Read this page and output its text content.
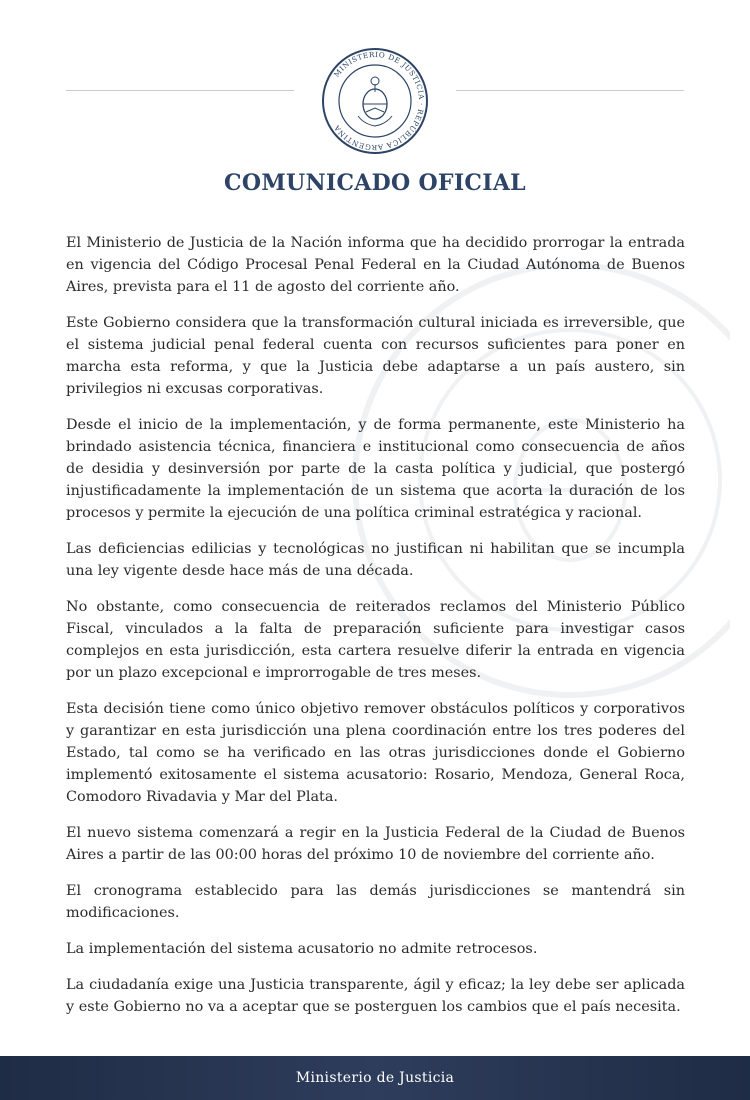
MINISTERIO DE JUSTICIA · REPÚBLICA ARGENTINA
COMUNICADO OFICIAL

El Ministerio de Justicia de la Nación informa que ha decidido prorrogar la entrada en vigencia del Código Procesal Penal Federal en la Ciudad Autónoma de Buenos Aires, prevista para el 11 de agosto del corriente año.

Este Gobierno considera que la transformación cultural iniciada es irreversible, que el sistema judicial penal federal cuenta con recursos suficientes para poner en marcha esta reforma, y que la Justicia debe adaptarse a un país austero, sin privilegios ni excusas corporativas.

Desde el inicio de la implementación, y de forma permanente, este Ministerio ha brindado asistencia técnica, financiera e institucional como consecuencia de años de desidia y desinversión por parte de la casta política y judicial, que postergó injustificadamente la implementación de un sistema que acorta la duración de los procesos y permite la ejecución de una política criminal estratégica y racional.

Las deficiencias edilicias y tecnológicas no justifican ni habilitan que se incumpla una ley vigente desde hace más de una década.

No obstante, como consecuencia de reiterados reclamos del Ministerio Público Fiscal, vinculados a la falta de preparación suficiente para investigar casos complejos en esta jurisdicción, esta cartera resuelve diferir la entrada en vigencia por un plazo excepcional e improrrogable de tres meses.

Esta decisión tiene como único objetivo remover obstáculos políticos y corporativos y garantizar en esta jurisdicción una plena coordinación entre los tres poderes del Estado, tal como se ha verificado en las otras jurisdicciones donde el Gobierno implementó exitosamente el sistema acusatorio: Rosario, Mendoza, General Roca, Comodoro Rivadavia y Mar del Plata.

El nuevo sistema comenzará a regir en la Justicia Federal de la Ciudad de Buenos Aires a partir de las 00:00 horas del próximo 10 de noviembre del corriente año.

El cronograma establecido para las demás jurisdicciones se mantendrá sin modificaciones.

La implementación del sistema acusatorio no admite retrocesos.

La ciudadanía exige una Justicia transparente, ágil y eficaz; la ley debe ser aplicada y este Gobierno no va a aceptar que se posterguen los cambios que el país necesita.

Ministerio de Justicia
